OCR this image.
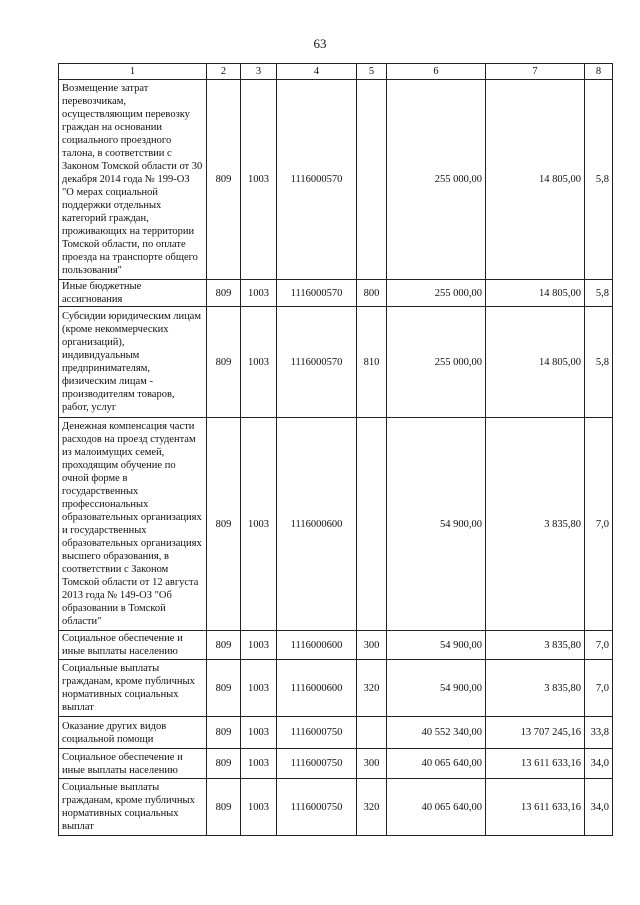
63
1	2	3	4	5	6	7	8
Возмещение затрат перевозчикам, осуществляющим перевозку граждан на основании социального проездного талона, в соответствии с Законом Томской области от 30 декабря 2014 года № 199-ОЗ "О мерах социальной поддержки отдельных категорий граждан, проживающих на территории Томской области, по оплате проезда на транспорте общего пользования"	809	1003	1116000570		255 000,00	14 805,00	5,8
Иные бюджетные ассигнования	809	1003	1116000570	800	255 000,00	14 805,00	5,8
Субсидии юридическим лицам (кроме некоммерческих организаций), индивидуальным предпринимателям, физическим лицам - производителям товаров, работ, услуг	809	1003	1116000570	810	255 000,00	14 805,00	5,8
Денежная компенсация части расходов на проезд студентам из малоимущих семей, проходящим обучение по очной форме в государственных профессиональных образовательных организациях и государственных образовательных организациях высшего образования, в соответствии с Законом Томской области от 12 августа 2013 года № 149-ОЗ "Об образовании в Томской области"	809	1003	1116000600		54 900,00	3 835,80	7,0
Социальное обеспечение и иные выплаты населению	809	1003	1116000600	300	54 900,00	3 835,80	7,0
Социальные выплаты гражданам, кроме публичных нормативных социальных выплат	809	1003	1116000600	320	54 900,00	3 835,80	7,0
Оказание других видов социальной помощи	809	1003	1116000750		40 552 340,00	13 707 245,16	33,8
Социальное обеспечение и иные выплаты населению	809	1003	1116000750	300	40 065 640,00	13 611 633,16	34,0
Социальные выплаты гражданам, кроме публичных нормативных социальных выплат	809	1003	1116000750	320	40 065 640,00	13 611 633,16	34,0
